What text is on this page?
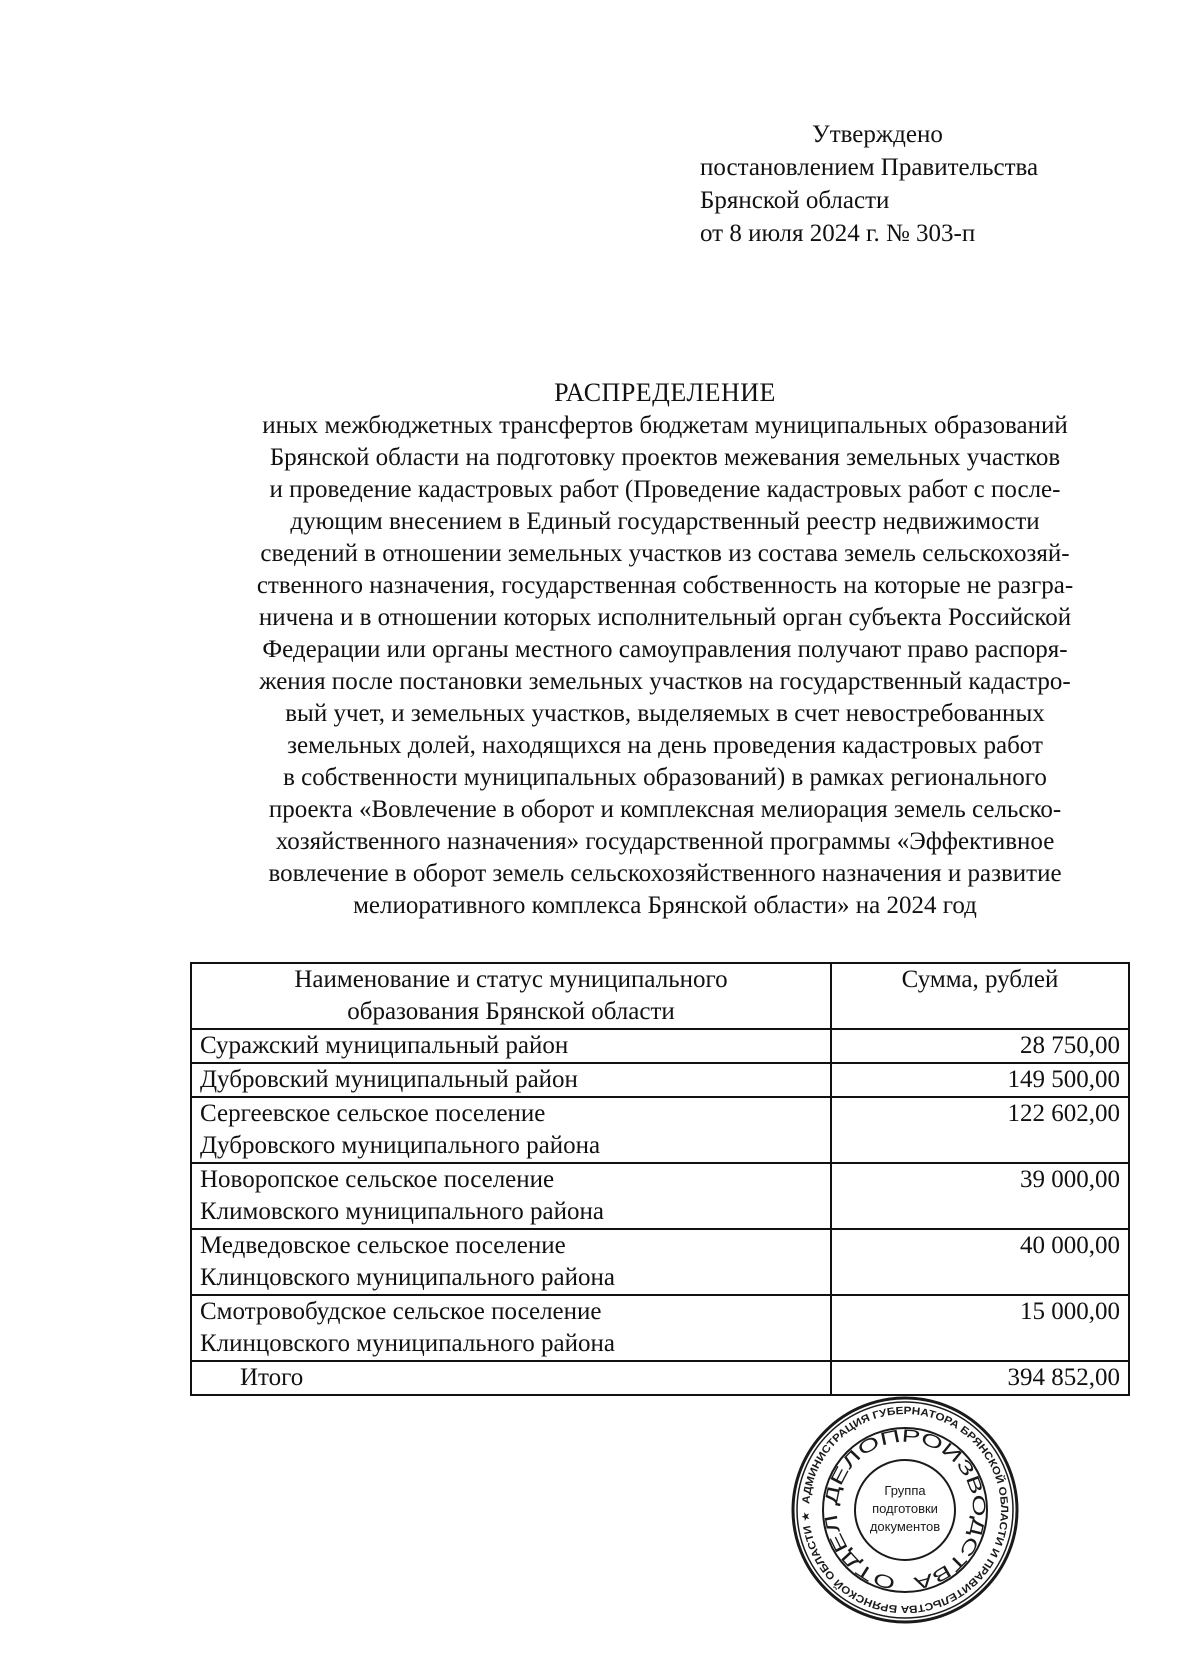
Утверждено
постановлением Правительства
Брянской области
от 8 июля 2024 г. № 303-п
РАСПРЕДЕЛЕНИЕ
иных межбюджетных трансфертов бюджетам муниципальных образований
Брянской области на подготовку проектов межевания земельных участков
и проведение кадастровых работ (Проведение кадастровых работ с после-
дующим внесением в Единый государственный реестр недвижимости
сведений в отношении земельных участков из состава земель сельскохозяй-
ственного назначения, государственная собственность на которые не разгра-
ничена и в отношении которых исполнительный орган субъекта Российской
Федерации или органы местного самоуправления получают право распоря-
жения после постановки земельных участков на государственный кадастро-
вый учет, и земельных участков, выделяемых в счет невостребованных
земельных долей, находящихся на день проведения кадастровых работ
в собственности муниципальных образований) в рамках регионального
проекта «Вовлечение в оборот и комплексная мелиорация земель сельско-
хозяйственного назначения» государственной программы «Эффективное
вовлечение в оборот земель сельскохозяйственного назначения и развитие
мелиоративного комплекса Брянской области» на 2024 год
Наименование и статус муниципального
образования Брянской области	Сумма, рублей

Суражский муниципальный район	28 750,00

Дубровский муниципальный район	149 500,00

Сергеевское сельское поселение
Дубровского муниципального района	122 602,00

Новоропское сельское поселение
Климовского муниципального района	39 000,00

Медведовское сельское поселение
Клинцовского муниципального района	40 000,00

Смотровобудское сельское поселение
Клинцовского муниципального района	15 000,00
Итого	394 852,00
АДМИНИСТРАЦИЯ ГУБЕРНАТОРА БРЯНСКОЙ ОБЛАСТИ И ПРАВИТЕЛЬСТВА БРЯНСКОЙ ОБЛАСТИ ★
ОТДЕЛ ДЕЛОПРОИЗВОДСТВА
Группа
подготовки
документов
